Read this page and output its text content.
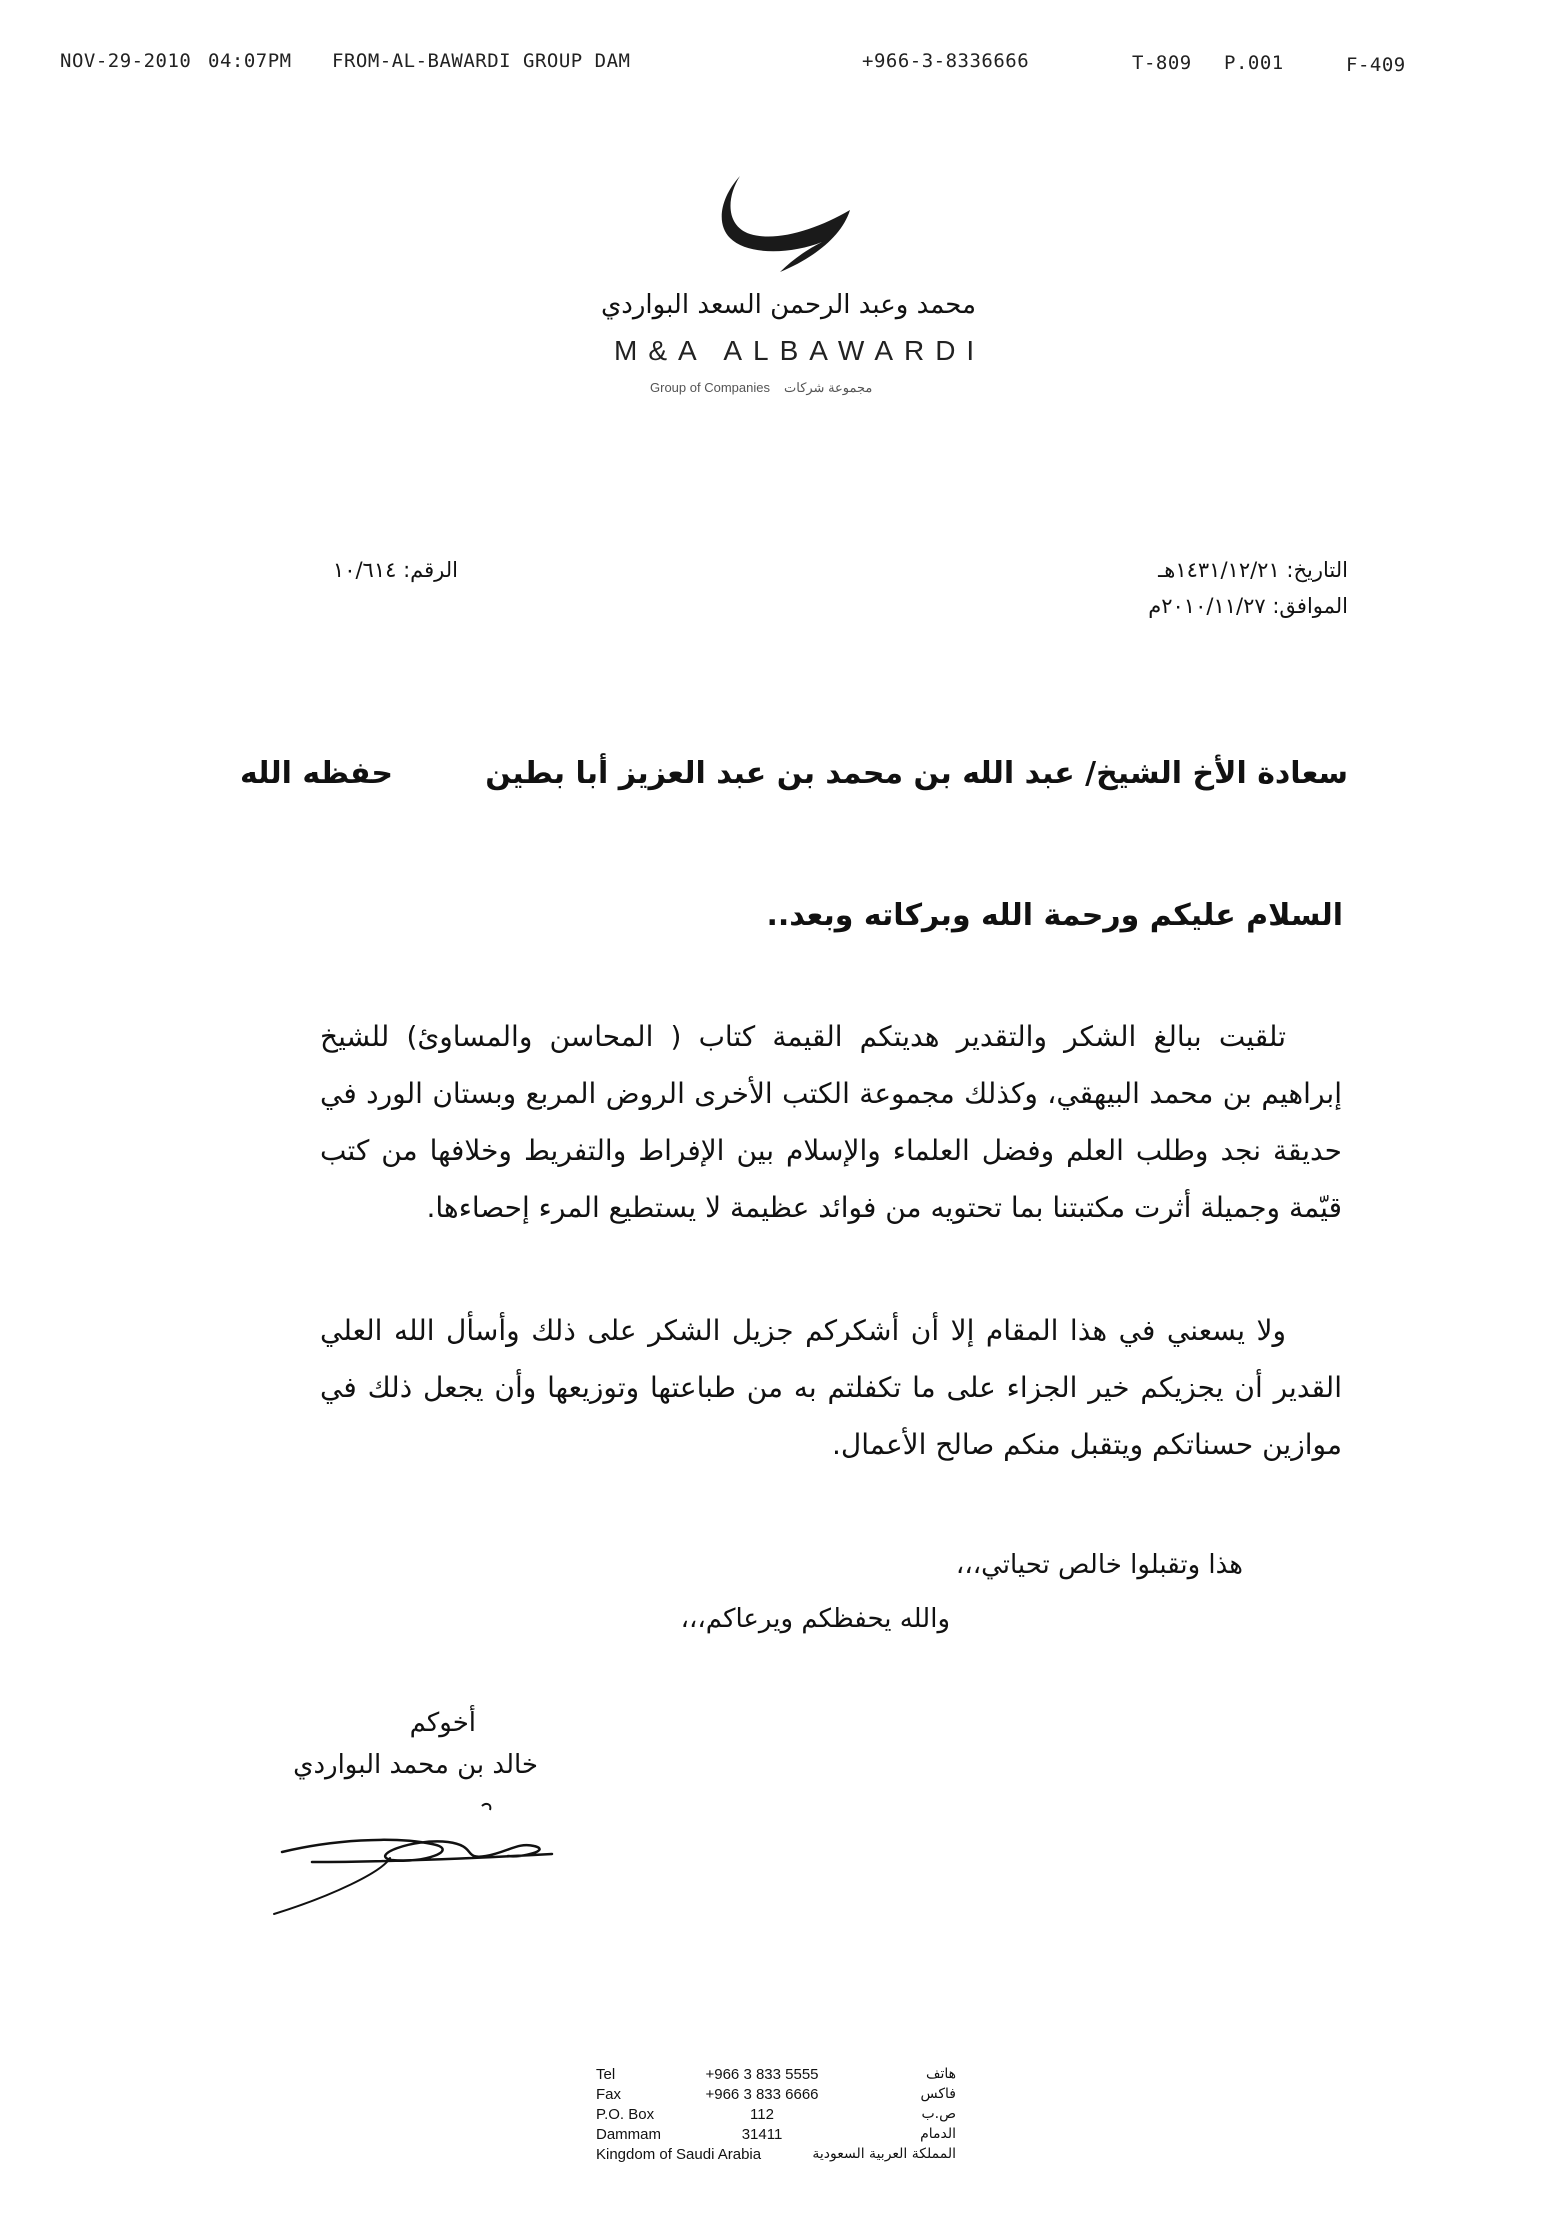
NOV-29-2010 04:07PM FROM-AL-BAWARDI GROUP DAM	+966-3-8336666	T-809 P.001	F-409
محمد وعبد الرحمن السعد البواردي
M&A ALBAWARDI
Group of Companies مجموعة شركات
التاريخ: ١٤٣١/١٢/٢١هـ
الموافق: ٢٠١٠/١١/٢٧م
الرقم: ١٠/٦١٤
سعادة الأخ الشيخ/ عبد الله بن محمد بن عبد العزيز أبا بطين
حفظه الله
السلام عليكم ورحمة الله وبركاته وبعد..
تلقيت ببالغ الشكر والتقدير هديتكم القيمة كتاب ( المحاسن والمساوئ) للشيخ إبراهيم بن محمد البيهقي، وكذلك مجموعة الكتب الأخرى الروض المربع وبستان الورد في حديقة نجد وطلب العلم وفضل العلماء والإسلام بين الإفراط والتفريط وخلافها من كتب قيّمة وجميلة أثرت مكتبتنا بما تحتويه من فوائد عظيمة لا يستطيع المرء إحصاءها.
ولا يسعني في هذا المقام إلا أن أشكركم جزيل الشكر على ذلك وأسأل الله العلي القدير أن يجزيكم خير الجزاء على ما تكفلتم به من طباعتها وتوزيعها وأن يجعل ذلك في موازين حسناتكم ويتقبل منكم صالح الأعمال.
هذا وتقبلوا خالص تحياتي،،،
والله يحفظكم ويرعاكم،،،
أخوكم
خالد بن محمد البواردي
Tel	+966 3 833 5555	هاتف
Fax	+966 3 833 6666	فاكس
P.O. Box	112	ص.ب
Dammam	31411	الدمام
Kingdom of Saudi Arabia	المملكة العربية السعودية
